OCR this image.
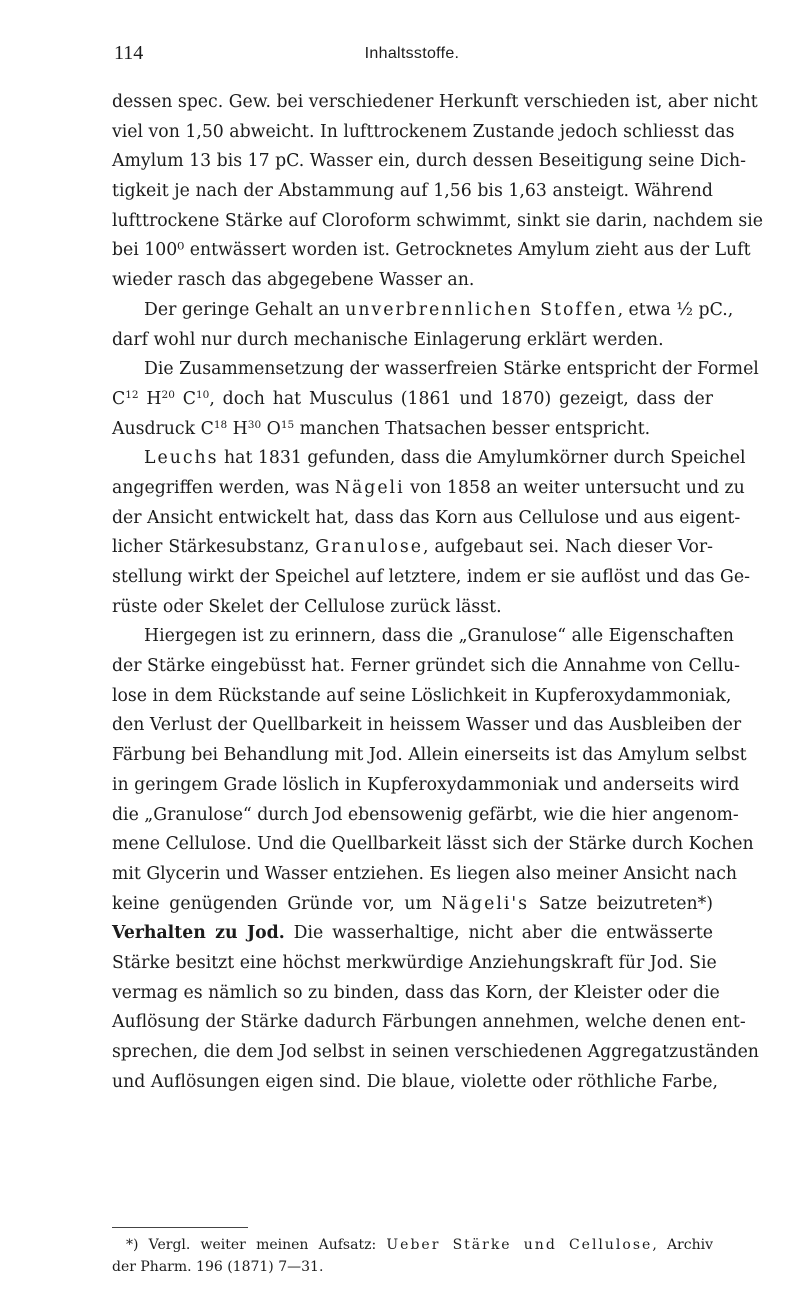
114	Inhaltsstoffe.
dessen spec. Gew. bei verschiedener Herkunft verschieden ist, aber nicht
viel von 1,50 abweicht. In lufttrockenem Zustande jedoch schliesst das
Amylum 13 bis 17 pC. Wasser ein, durch dessen Beseitigung seine Dich-
tigkeit je nach der Abstammung auf 1,56 bis 1,63 ansteigt. Während
lufttrockene Stärke auf Cloroform schwimmt, sinkt sie darin, nachdem sie
bei 100⁰ entwässert worden ist. Getrocknetes Amylum zieht aus der Luft
wieder rasch das abgegebene Wasser an.
Der geringe Gehalt an unverbrennlichen Stoffen, etwa ½ pC.,
darf wohl nur durch mechanische Einlagerung erklärt werden.
Die Zusammensetzung der wasserfreien Stärke entspricht der Formel
$C^{12}$ $H^{20}$ $C^{10}$, doch hat Musculus (1861 und 1870) gezeigt, dass der
Ausdruck $C^{18}$ $H^{30}$ $O^{15}$ manchen Thatsachen besser entspricht.
Leuchs hat 1831 gefunden, dass die Amylumkörner durch Speichel
angegriffen werden, was Nägeli von 1858 an weiter untersucht und zu
der Ansicht entwickelt hat, dass das Korn aus Cellulose und aus eigent-
licher Stärkesubstanz, Granulose, aufgebaut sei. Nach dieser Vor-
stellung wirkt der Speichel auf letztere, indem er sie auflöst und das Ge-
rüste oder Skelet der Cellulose zurück lässt.
Hiergegen ist zu erinnern, dass die „Granulose“ alle Eigenschaften
der Stärke eingebüsst hat. Ferner gründet sich die Annahme von Cellu-
lose in dem Rückstande auf seine Löslichkeit in Kupferoxydammoniak,
den Verlust der Quellbarkeit in heissem Wasser und das Ausbleiben der
Färbung bei Behandlung mit Jod. Allein einerseits ist das Amylum selbst
in geringem Grade löslich in Kupferoxydammoniak und anderseits wird
die „Granulose“ durch Jod ebensowenig gefärbt, wie die hier angenom-
mene Cellulose. Und die Quellbarkeit lässt sich der Stärke durch Kochen
mit Glycerin und Wasser entziehen. Es liegen also meiner Ansicht nach
keine genügenden Gründe vor, um Nägeli's Satze beizutreten*)
Verhalten zu Jod. Die wasserhaltige, nicht aber die entwässerte
Stärke besitzt eine höchst merkwürdige Anziehungskraft für Jod. Sie
vermag es nämlich so zu binden, dass das Korn, der Kleister oder die
Auflösung der Stärke dadurch Färbungen annehmen, welche denen ent-
sprechen, die dem Jod selbst in seinen verschiedenen Aggregatzuständen
und Auflösungen eigen sind. Die blaue, violette oder röthliche Farbe,
*) Vergl. weiter meinen Aufsatz: Ueber Stärke und Cellulose, Archiv
der Pharm. 196 (1871) 7—31.
